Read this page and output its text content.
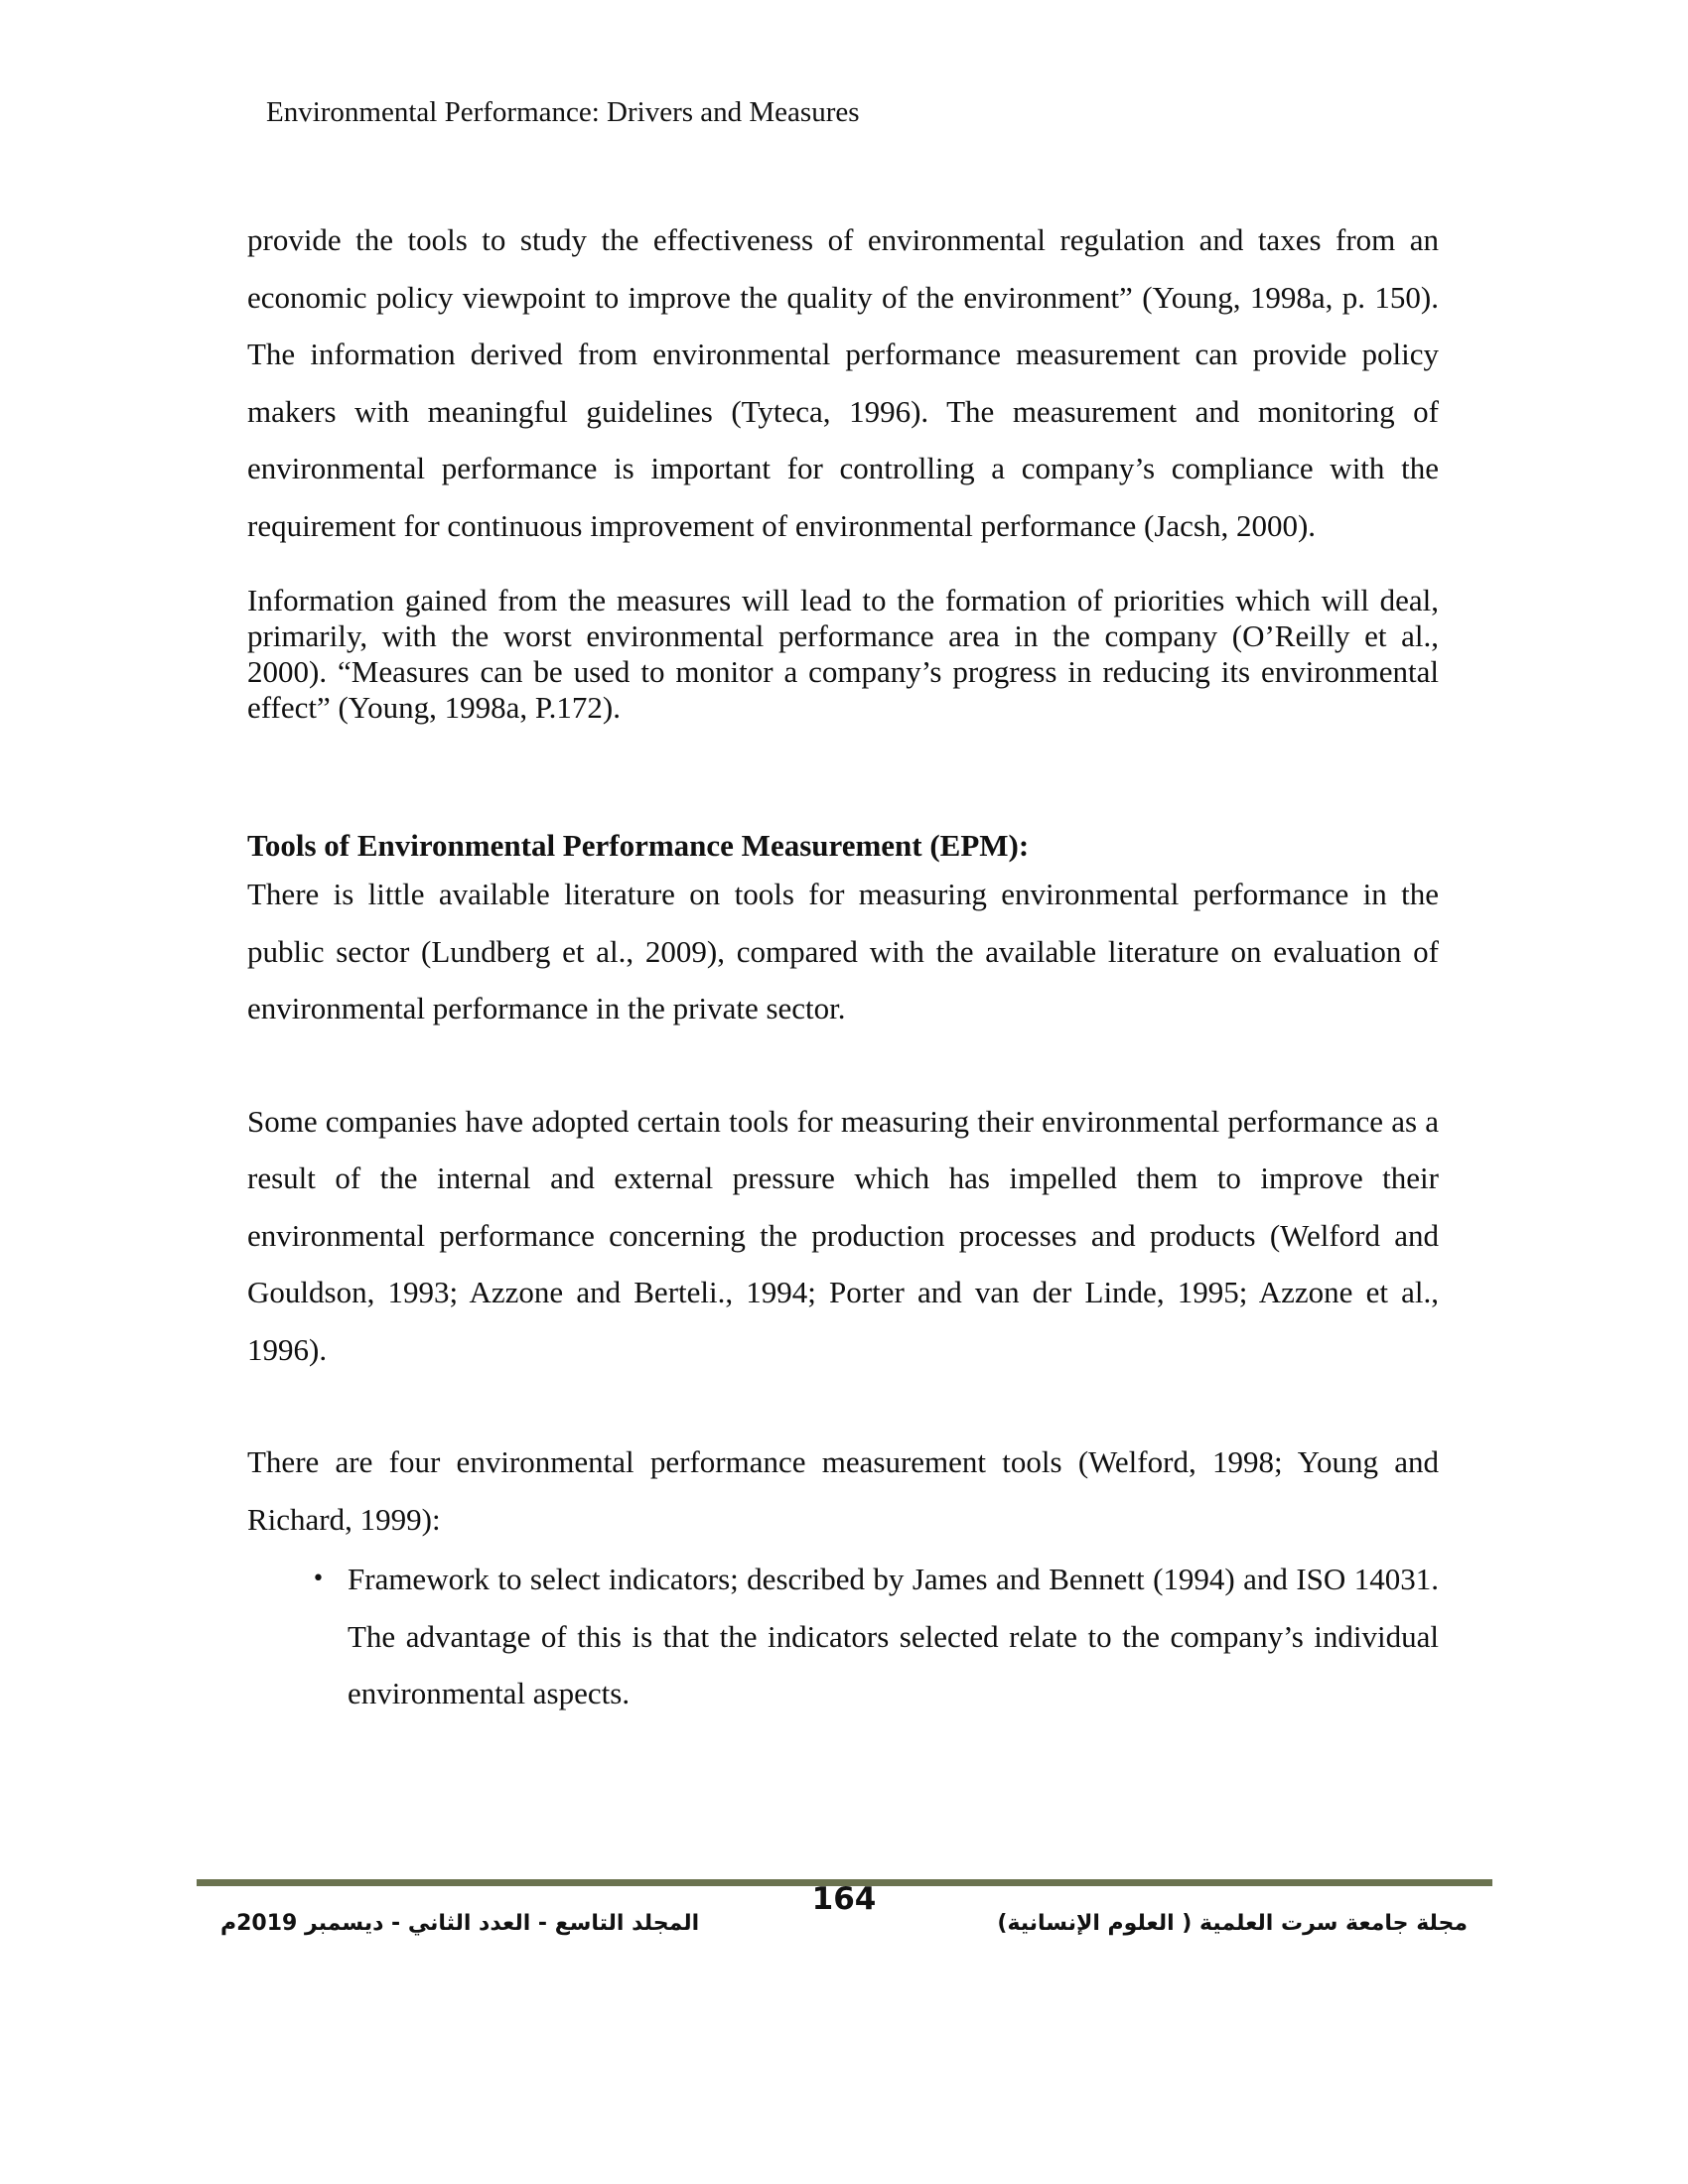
Environmental Performance: Drivers and Measures

provide the tools to study the effectiveness of environmental regulation and taxes from an economic policy viewpoint to improve the quality of the environment” (Young, 1998a, p. 150). The information derived from environmental performance measurement can provide policy makers with meaningful guidelines (Tyteca, 1996). The measurement and monitoring of environmental performance is important for controlling a company’s compliance with the requirement for continuous improvement of environmental performance (Jacsh, 2000).

Information gained from the measures will lead to the formation of priorities which will deal, primarily, with the worst environmental performance area in the company (O’Reilly et al., 2000). “Measures can be used to monitor a company’s progress in reducing its environmental effect” (Young, 1998a, P.172).

Tools of Environmental Performance Measurement (EPM):

There is little available literature on tools for measuring environmental performance in the public sector (Lundberg et al., 2009), compared with the available literature on evaluation of environmental performance in the private sector.

Some companies have adopted certain tools for measuring their environmental performance as a result of the internal and external pressure which has impelled them to improve their environmental performance concerning the production processes and products (Welford and Gouldson, 1993; Azzone and Berteli., 1994; Porter and van der Linde, 1995; Azzone et al., 1996).

There are four environmental performance measurement tools (Welford, 1998; Young and Richard, 1999):

• Framework to select indicators; described by James and Bennett (1994) and ISO 14031. The advantage of this is that the indicators selected relate to the company’s individual environmental aspects.
164
المجلد التاسع - العدد الثاني - ديسمبر 2019م	مجلة جامعة سرت العلمية ( العلوم الإنسانية)
